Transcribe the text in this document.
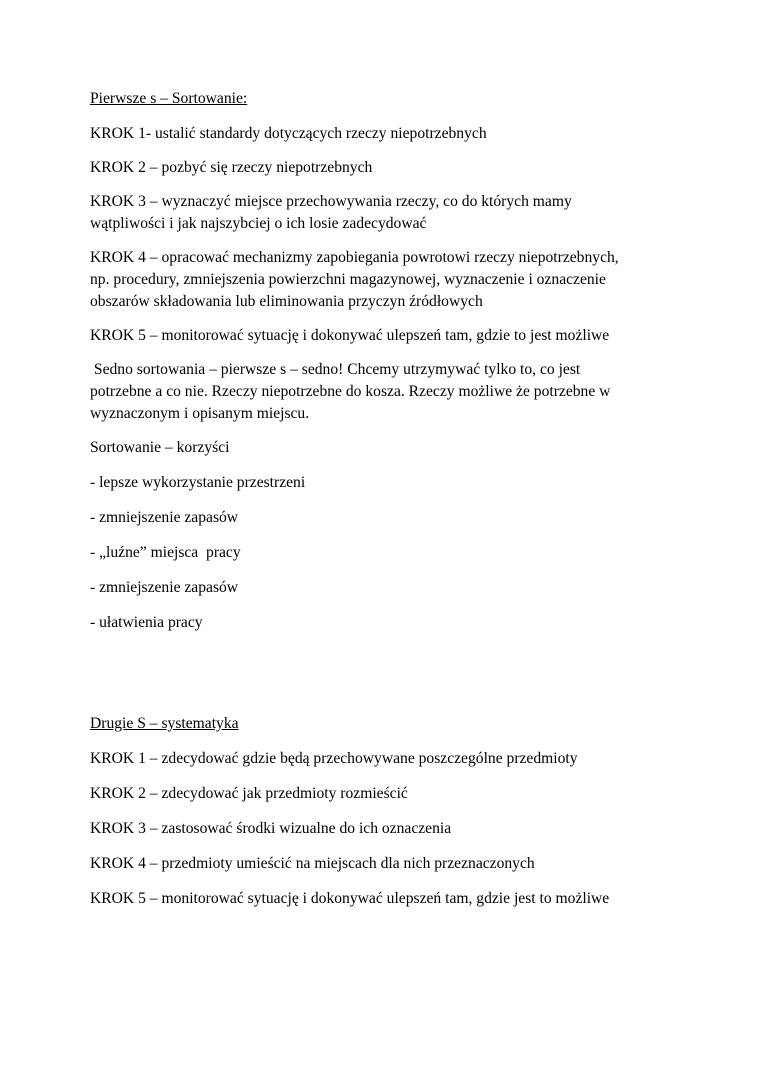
Pierwsze s – Sortowanie:

KROK 1- ustalić standardy dotyczących rzeczy niepotrzebnych

KROK 2 – pozbyć się rzeczy niepotrzebnych

KROK 3 – wyznaczyć miejsce przechowywania rzeczy, co do których mamy

wątpliwości i jak najszybciej o ich losie zadecydować

KROK 4 – opracować mechanizmy zapobiegania powrotowi rzeczy niepotrzebnych,

np. procedury, zmniejszenia powierzchni magazynowej, wyznaczenie i oznaczenie

obszarów składowania lub eliminowania przyczyn źródłowych

KROK 5 – monitorować sytuację i dokonywać ulepszeń tam, gdzie to jest możliwe

Sedno sortowania – pierwsze s – sedno! Chcemy utrzymywać tylko to, co jest

potrzebne a co nie. Rzeczy niepotrzebne do kosza. Rzeczy możliwe że potrzebne w

wyznaczonym i opisanym miejscu.

Sortowanie – korzyści

- lepsze wykorzystanie przestrzeni

- zmniejszenie zapasów

- „luźne” miejsca  pracy

- zmniejszenie zapasów

- ułatwienia pracy

Drugie S – systematyka

KROK 1 – zdecydować gdzie będą przechowywane poszczególne przedmioty

KROK 2 – zdecydować jak przedmioty rozmieścić

KROK 3 – zastosować środki wizualne do ich oznaczenia

KROK 4 – przedmioty umieścić na miejscach dla nich przeznaczonych

KROK 5 – monitorować sytuację i dokonywać ulepszeń tam, gdzie jest to możliwe
